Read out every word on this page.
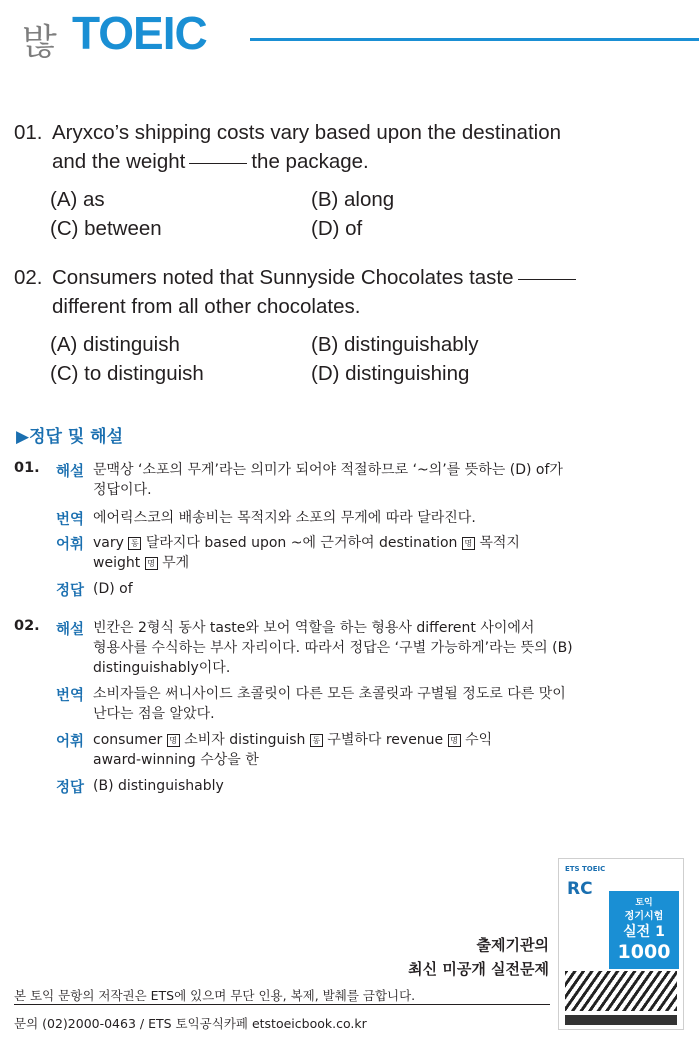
밚 TOEIC
01. Aryxco’s shipping costs vary based upon the destination
and the weight	the package.
(A) as	(B) along
(C) between	(D) of
02. Consumers noted that Sunnyside Chocolates taste
different from all other chocolates.
(A) distinguish	(B) distinguishably
(C) to distinguish	(D) distinguishing
▶정답 및 해설
01. 해설 문맥상 ‘소포의 무게’라는 의미가 되어야 적절하므로 ‘~의’를 뜻하는 (D) of가
정답이다.
번역 에어릭스코의 배송비는 목적지와 소포의 무게에 따라 달라진다.
어휘 vary 동 달라지다 based upon ~에 근거하여 destination 명 목적지
weight 명 무게
정답 (D) of
02. 해설 빈칸은 2형식 동사 taste와 보어 역할을 하는 형용사 different 사이에서
형용사를 수식하는 부사 자리이다. 따라서 정답은 ‘구별 가능하게’라는 뜻의 (B)
distinguishably이다.
번역 소비자들은 써니사이드 초콜릿이 다른 모든 초콜릿과 구별될 정도로 다른 맛이
난다는 점을 알았다.
어휘 consumer 명 소비자 distinguish 동 구별하다 revenue 명 수익
award-winning 수상을 한
정답 (B) distinguishably
출제기관의
최신 미공개 실전문제
본 토익 문항의 저작권은 ETS에 있으며 무단 인용, 복제, 발췌를 금합니다.
문의 (02)2000-0463 / ETS 토익공식카페 etstoeicbook.co.kr
ETS TOEIC
RC
토익
정기시험
실전 1
1000
